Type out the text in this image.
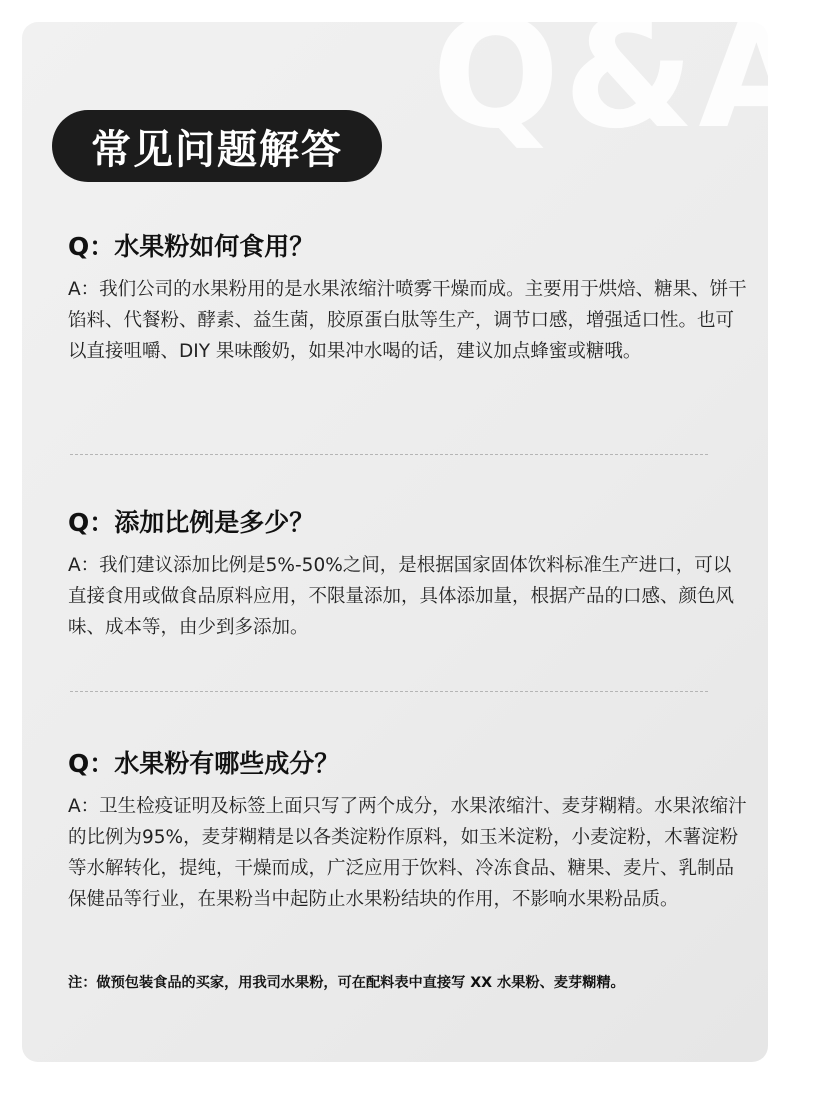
Q&A
常见问题解答
Q：水果粉如何食用？
A：我们公司的水果粉用的是水果浓缩汁喷雾干燥而成。主要用于烘焙、糖果、饼干馅料、代餐粉、酵素、益生菌，胶原蛋白肽等生产，调节口感，增强适口性。也可以直接咀嚼、DIY 果味酸奶，如果冲水喝的话，建议加点蜂蜜或糖哦。
Q：添加比例是多少？
A：我们建议添加比例是5%-50%之间，是根据国家固体饮料标准生产进口，可以直接食用或做食品原料应用，不限量添加，具体添加量，根据产品的口感、颜色风味、成本等，由少到多添加。
Q：水果粉有哪些成分？
A：卫生检疫证明及标签上面只写了两个成分，水果浓缩汁、麦芽糊精。水果浓缩汁的比例为95%，麦芽糊精是以各类淀粉作原料，如玉米淀粉，小麦淀粉，木薯淀粉等水解转化，提纯，干燥而成，广泛应用于饮料、冷冻食品、糖果、麦片、乳制品保健品等行业，在果粉当中起防止水果粉结块的作用，不影响水果粉品质。
注：做预包装食品的买家，用我司水果粉，可在配料表中直接写 XX 水果粉、麦芽糊精。
